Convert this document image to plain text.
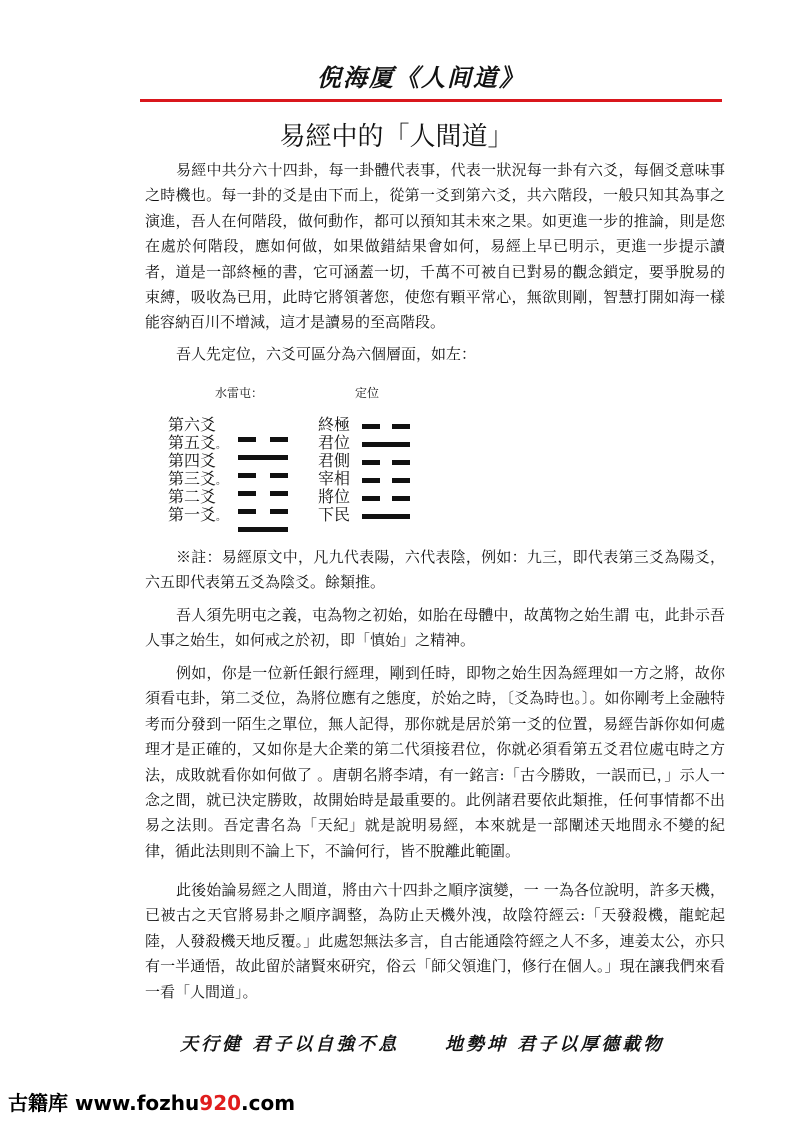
倪海厦《人间道》
易經中的「人間道」

易經中共分六十四卦，每一卦體代表事，代表一狀況每一卦有六爻，每個爻意味事之時機也。每一卦的爻是由下而上，從第一爻到第六爻，共六階段，一般只知其為事之演進，吾人在何階段，做何動作，都可以預知其未來之果。如更進一步的推論，則是您在處於何階段，應如何做，如果做錯結果會如何，易經上早已明示，更進一步提示讀者，道是一部終極的書，它可涵蓋一切，千萬不可被自已對易的觀念鎖定，要爭脫易的束縛，吸收為已用，此時它將領著您，使您有顆平常心，無欲則剛，智慧打開如海一樣能容納百川不增減，這才是讀易的至高階段。

吾人先定位，六爻可區分為六個層面，如左：

水雷屯：	定位
第六爻
第五爻。
第四爻
第三爻。
第二爻
第一爻。
終極
君位
君側
宰相
將位
下民

※註：易經原文中，凡九代表陽，六代表陰，例如：九三，即代表第三爻為陽爻，六五即代表第五爻為陰爻。餘類推。

吾人須先明屯之義，屯為物之初始，如胎在母體中，故萬物之始生謂 屯，此卦示吾人事之始生，如何戒之於初，即「慎始」之精神。

例如，你是一位新任銀行經理，剛到任時，即物之始生因為經理如一方之將，故你須看屯卦，第二爻位，為將位應有之態度，於始之時，〔爻為時也。〕。如你剛考上金融特考而分發到一陌生之單位，無人記得，那你就是居於第一爻的位置，易經告訴你如何處理才是正確的，又如你是大企業的第二代須接君位，你就必須看第五爻君位處屯時之方法，成敗就看你如何做了 。唐朝名將李靖，有一銘言:「古今勝敗，一誤而已，」示人一念之間，就已決定勝敗，故開始時是最重要的。此例諸君要依此類推，任何事情都不出易之法則。吾定書名為「天紀」就是說明易經，本來就是一部闡述天地間永不變的紀律，循此法則則不論上下，不論何行，皆不脫離此範圍。

此後始論易經之人間道，將由六十四卦之順序演變，一 一為各位說明，許多天機，已被古之天官將易卦之順序調整，為防止天機外洩，故陰符經云:「天發殺機，龍蛇起陸，人發殺機天地反覆。」此處恕無法多言，自古能通陰符經之人不多，連姜太公，亦只有一半通悟，故此留於諸賢來研究，俗云「師父領進门，修行在個人。」現在讓我們來看一看「人間道」。

天行健 君子以自強不息	地勢坤 君子以厚德載物
古籍库 www.fozhu920.com
